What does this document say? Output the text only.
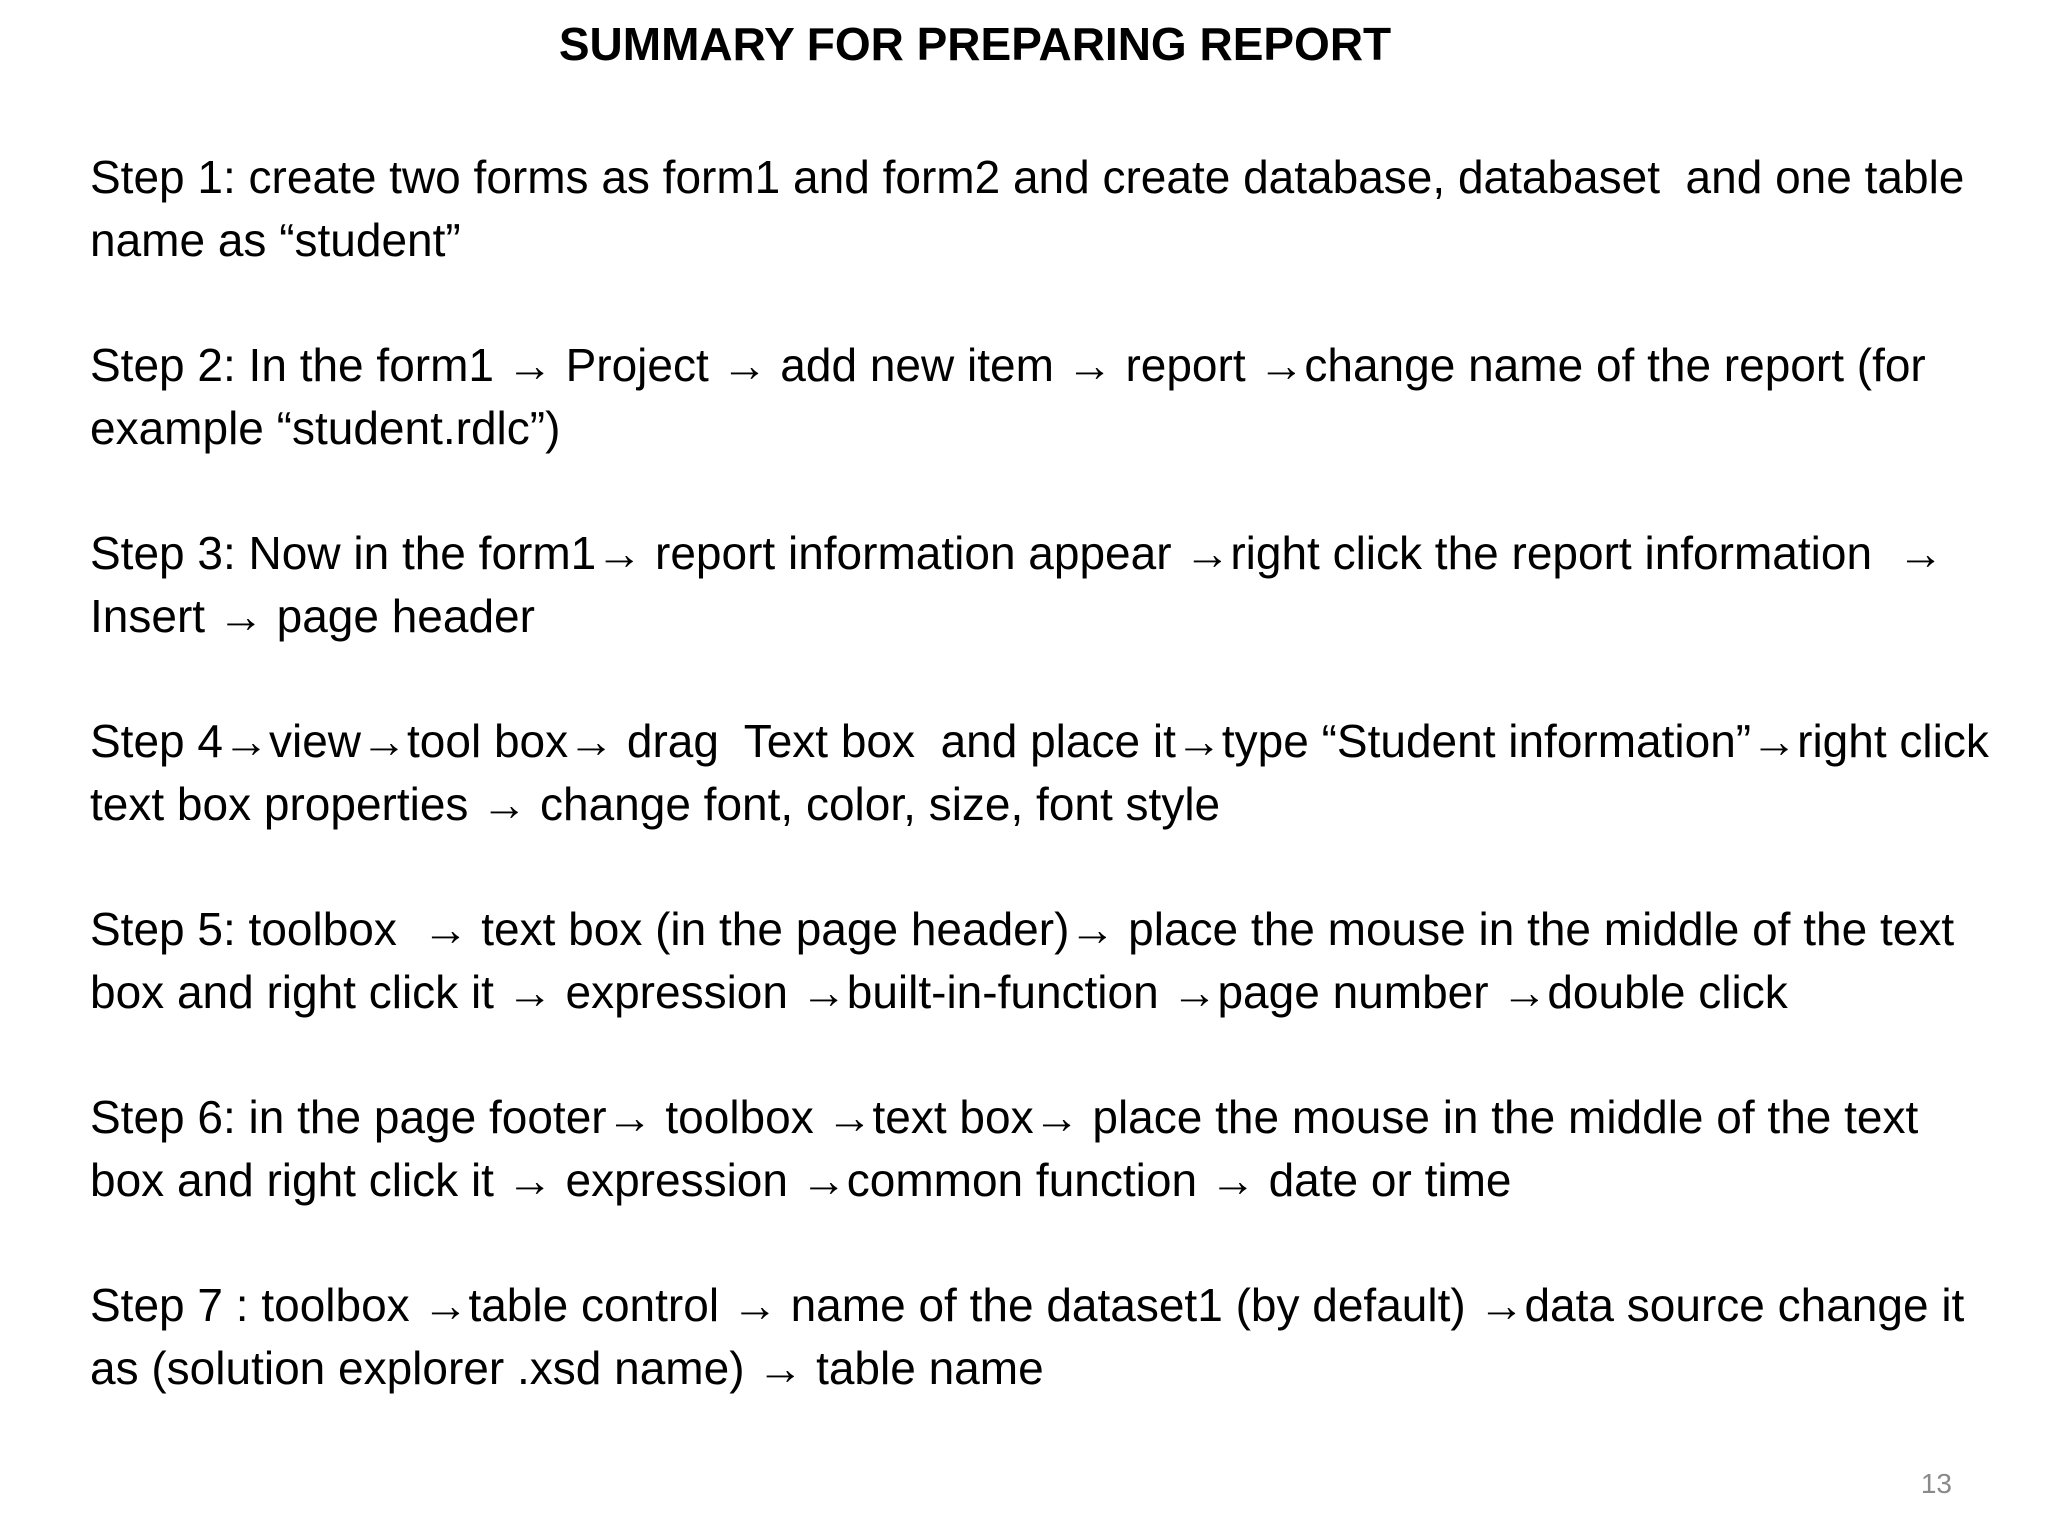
SUMMARY FOR PREPARING REPORT

Step 1: create two forms as form1 and form2 and create database, databaset  and one table name as “student”

Step 2: In the form1 → Project → add new item → report →change name of the report (for example “student.rdlc”)

Step 3: Now in the form1→ report information appear →right click the report information  → Insert → page header

Step 4→view→tool box→ drag  Text box  and place it→type “Student information”→right click text box properties → change font, color, size, font style

Step 5: toolbox  → text box (in the page header)→ place the mouse in the middle of the text box and right click it → expression →built-in-function →page number →double click

Step 6: in the page footer→ toolbox →text box→ place the mouse in the middle of the text box and right click it → expression →common function → date or time

Step 7 : toolbox →table control → name of the dataset1 (by default) →data source change it as (solution explorer .xsd name) → table name

13
